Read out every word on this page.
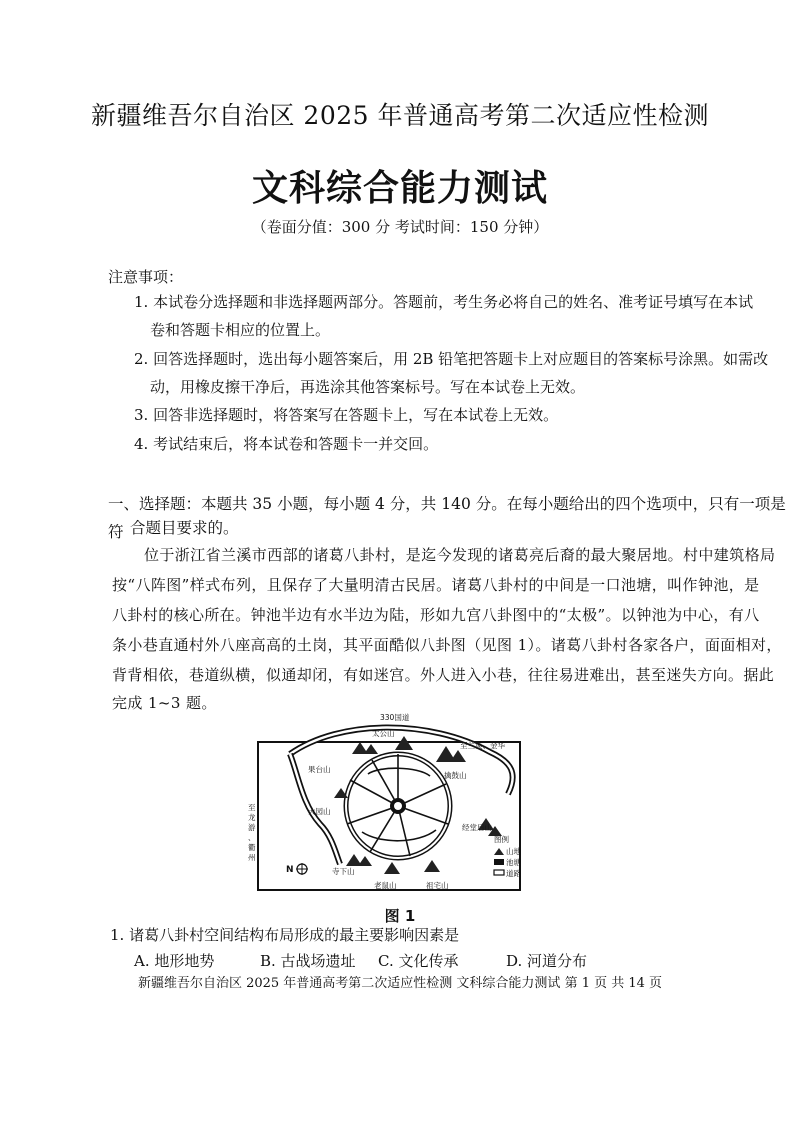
新疆维吾尔自治区 2025 年普通高考第二次适应性检测
文科综合能力测试
（卷面分值：300 分 考试时间：150 分钟）
注意事项：
1. 本试卷分选择题和非选择题两部分。答题前，考生务必将自己的姓名、准考证号填写在本试
卷和答题卡相应的位置上。
2. 回答选择题时，选出每小题答案后，用 2B 铅笔把答题卡上对应题目的答案标号涂黑。如需改
动，用橡皮擦干净后，再选涂其他答案标号。写在本试卷上无效。
3. 回答非选择题时，将答案写在答题卡上，写在本试卷上无效。
4. 考试结束后，将本试卷和答题卡一并交回。
一、选择题：本题共 35 小题，每小题 4 分，共 140 分。在每小题给出的四个选项中，只有一项是符 合题目要求的。
位于浙江省兰溪市西部的诸葛八卦村，是迄今发现的诸葛亮后裔的最大聚居地。村中建筑格局
按“八阵图”样式布列，且保存了大量明清古民居。诸葛八卦村的中间是一口池塘，叫作钟池，是
八卦村的核心所在。钟池半边有水半边为陆，形如九宫八卦图中的“太极”。以钟池为中心，有八
条小巷直通村外八座高高的土岗，其平面酷似八卦图（见图 1）。诸葛八卦村各家各户，面面相对，
背背相依，巷道纵横，似通却闭，有如迷宫。外人进入小巷，往往易进难出，甚至迷失方向。据此
完成 1~3 题。
330国道
太公山
至兰溪、金华
果台山
擒鼓山
大园山
经堂后山
寺下山
老鼠山	祖宅山
N
图例
山地
池塘
道路
至
龙
游
、
衢
州
图 1
1. 诸葛八卦村空间结构布局形成的最主要影响因素是
A. 地形地势	B. 古战场遗址 C. 文化传承	D. 河道分布
新疆维吾尔自治区 2025 年普通高考第二次适应性检测 文科综合能力测试 第 1 页 共 14 页
